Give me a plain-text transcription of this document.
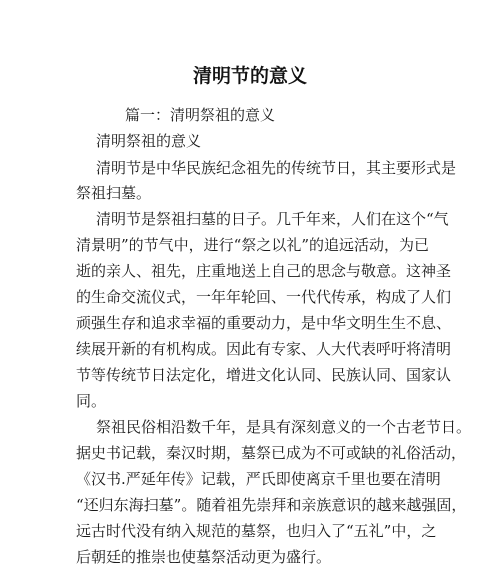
清明节的意义
篇一：清明祭祖的意义
清明祭祖的意义
清明节是中华民族纪念祖先的传统节日，其主要形式是
祭祖扫墓。
清明节是祭祖扫墓的日子。几千年来，人们在这个“气
清景明”的节气中，进行“祭之以礼”的追远活动，为已
逝的亲人、祖先，庄重地送上自己的思念与敬意。这神圣
的生命交流仪式，一年年轮回、一代代传承，构成了人们
顽强生存和追求幸福的重要动力，是中华文明生生不息、
续展开新的有机构成。因此有专家、人大代表呼吁将清明
节等传统节日法定化，增进文化认同、民族认同、国家认
同。
祭祖民俗相沿数千年，是具有深刻意义的一个古老节日。
据史书记载，秦汉时期，墓祭已成为不可或缺的礼俗活动，
《汉书.严延年传》记载，严氏即使离京千里也要在清明
“还归东海扫墓”。随着祖先崇拜和亲族意识的越来越强固，
远古时代没有纳入规范的墓祭，也归入了“五礼”中，之
后朝廷的推崇也使墓祭活动更为盛行。
